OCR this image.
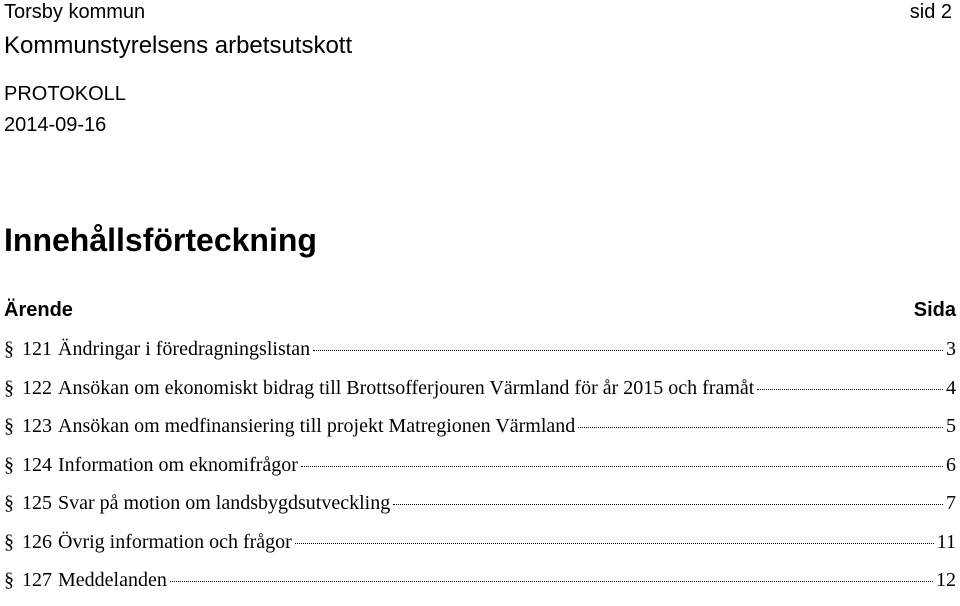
Torsby kommun
Kommunstyrelsens arbetsutskott
PROTOKOLL
2014-09-16
sid 2
Innehållsförteckning
Ärende	Sida
§ 121 Ändringar i föredragningslistan	3
§ 122 Ansökan om ekonomiskt bidrag till Brottsofferjouren Värmland för år 2015 och framåt	4
§ 123 Ansökan om medfinansiering till projekt Matregionen Värmland	5
§ 124 Information om eknomifrågor	6
§ 125 Svar på motion om landsbygdsutveckling	7
§ 126 Övrig information och frågor	11
§ 127 Meddelanden	12
